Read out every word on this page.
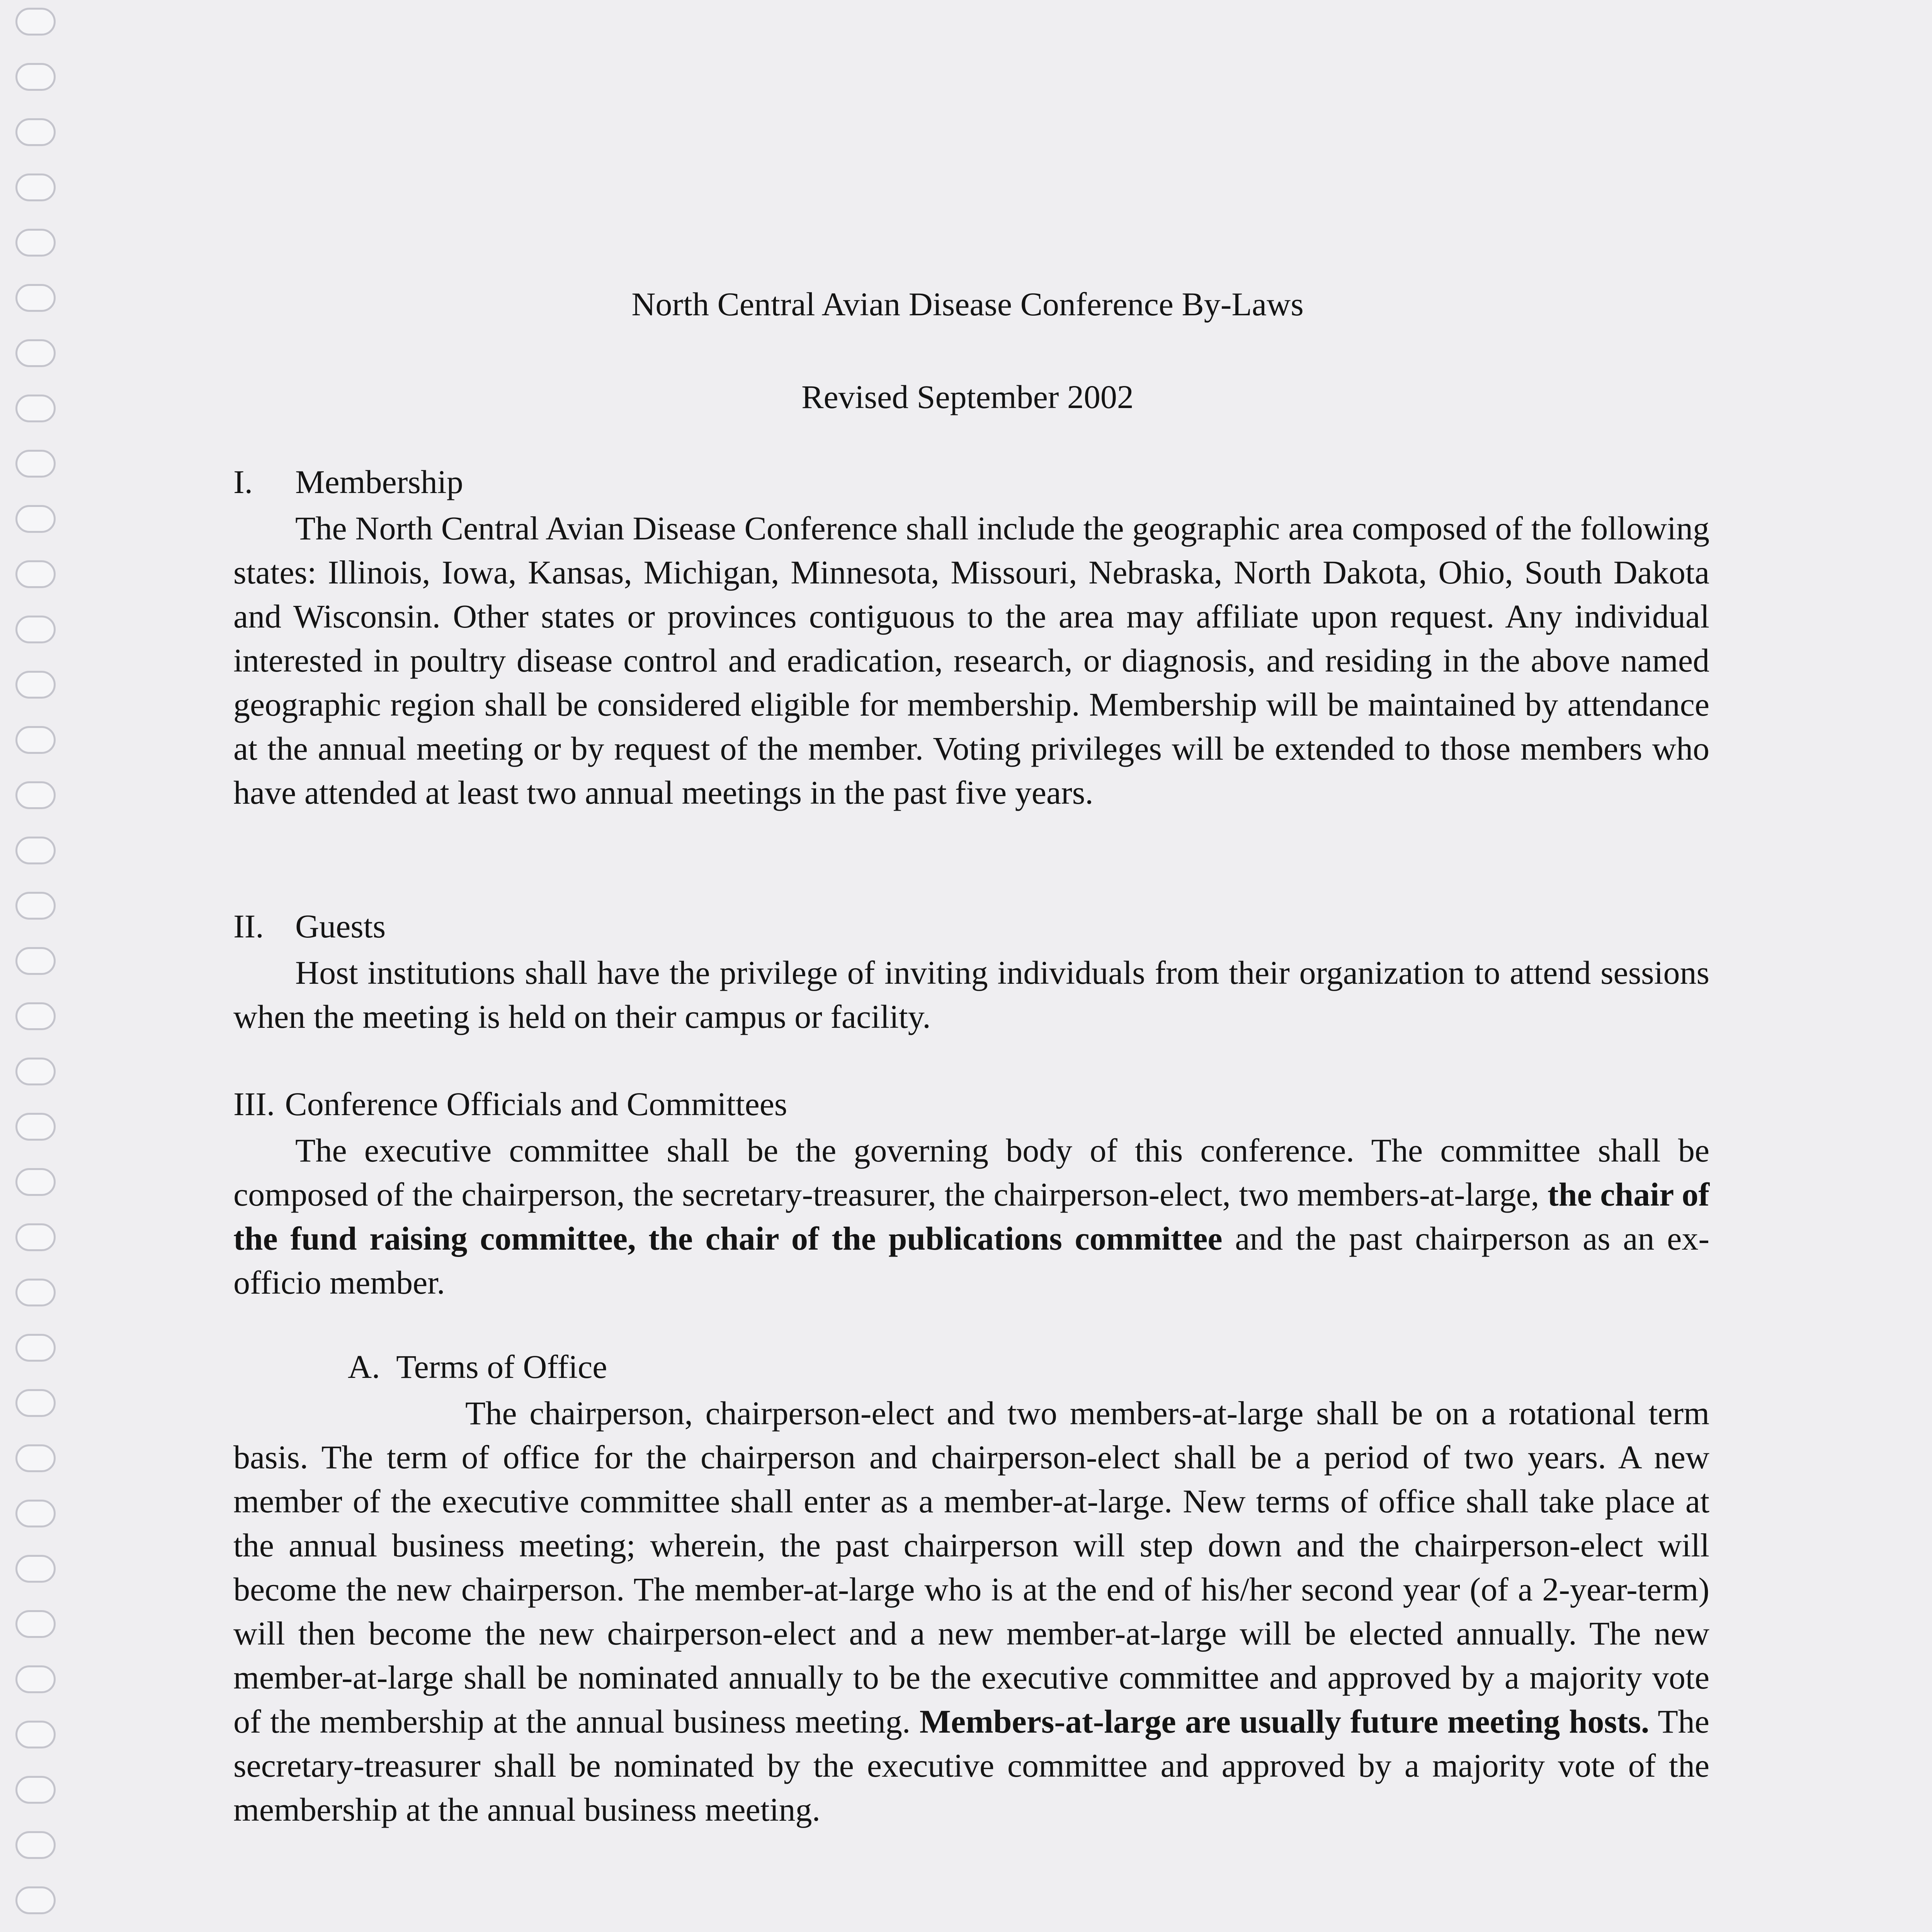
North Central Avian Disease Conference By-Laws
Revised September 2002
I. Membership
The North Central Avian Disease Conference shall include the geographic area composed of the following states: Illinois, Iowa, Kansas, Michigan, Minnesota, Missouri, Nebraska, North Dakota, Ohio, South Dakota and Wisconsin. Other states or provinces contiguous to the area may affiliate upon request. Any individual interested in poultry disease control and eradication, research, or diagnosis, and residing in the above named geographic region shall be considered eligible for membership. Membership will be maintained by attendance at the annual meeting or by request of the member. Voting privileges will be extended to those members who have attended at least two annual meetings in the past five years.
II. Guests
Host institutions shall have the privilege of inviting individuals from their organization to attend sessions when the meeting is held on their campus or facility.
III. Conference Officials and Committees
The executive committee shall be the governing body of this conference. The committee shall be composed of the chairperson, the secretary-treasurer, the chairperson-elect, two members-at-large, the chair of the fund raising committee, the chair of the publications committee and the past chairperson as an ex-officio member.
A. Terms of Office
The chairperson, chairperson-elect and two members-at-large shall be on a rotational term basis. The term of office for the chairperson and chairperson-elect shall be a period of two years. A new member of the executive committee shall enter as a member-at-large. New terms of office shall take place at the annual business meeting; wherein, the past chairperson will step down and the chairperson-elect will become the new chairperson. The member-at-large who is at the end of his/her second year (of a 2-year-term) will then become the new chairperson-elect and a new member-at-large will be elected annually. The new member-at-large shall be nominated annually to be the executive committee and approved by a majority vote of the membership at the annual business meeting. Members-at-large are usually future meeting hosts. The secretary-treasurer shall be nominated by the executive committee and approved by a majority vote of the membership at the annual business meeting.
